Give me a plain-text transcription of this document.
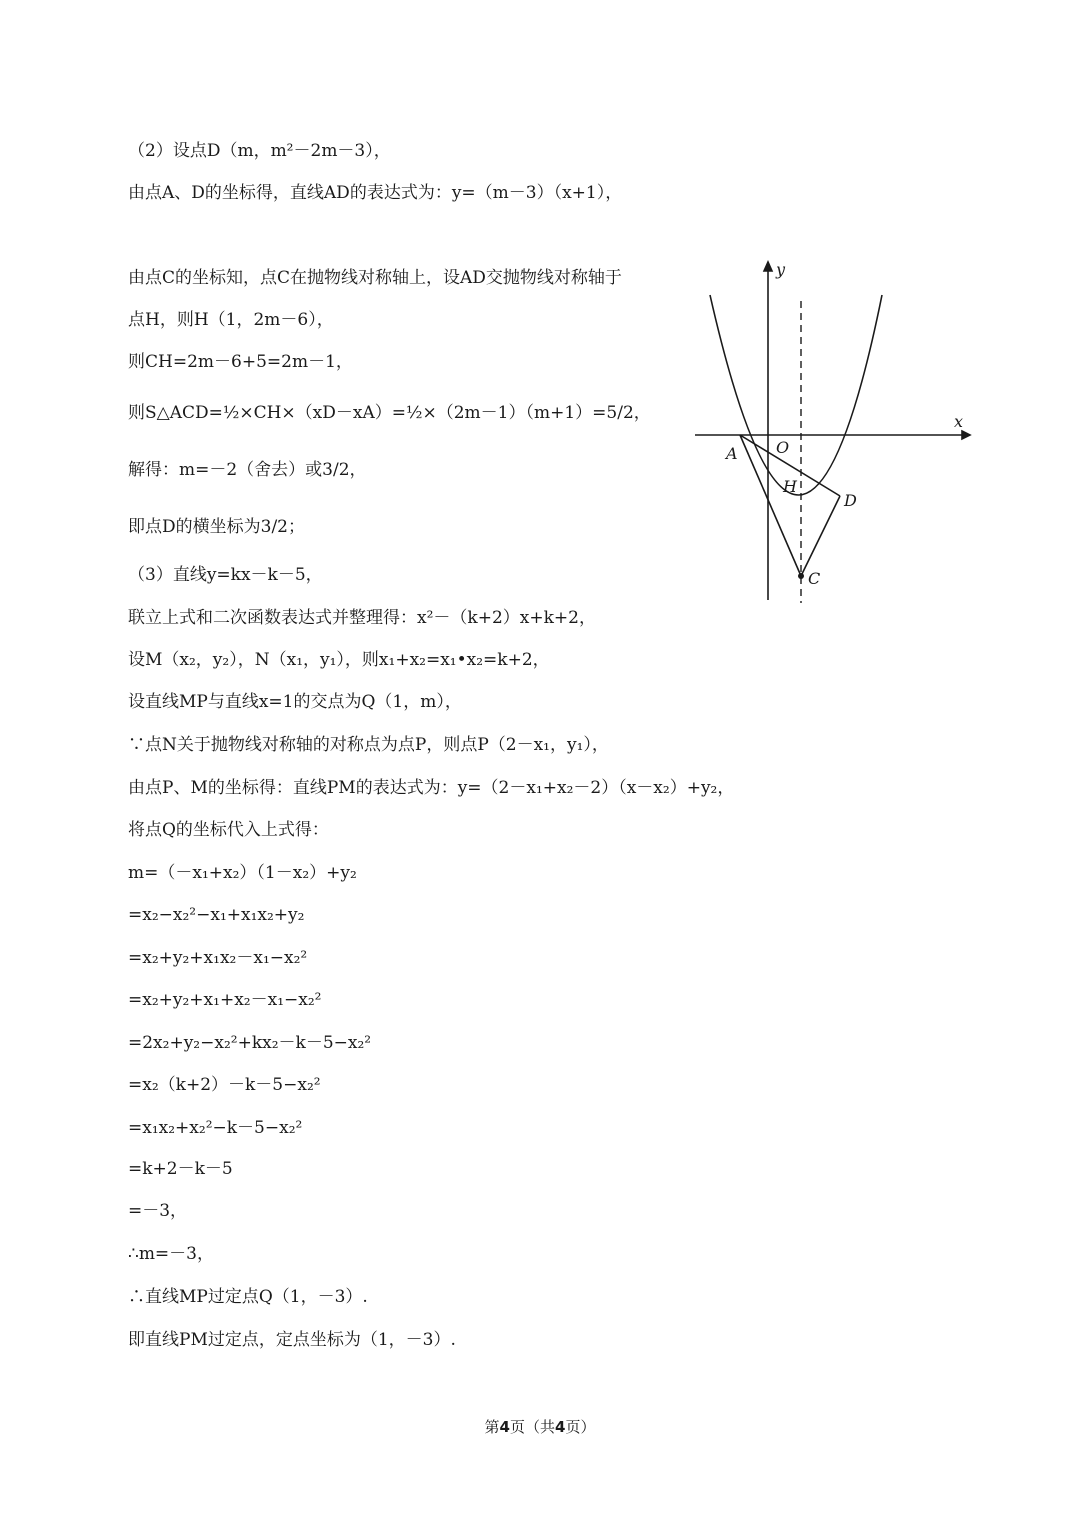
（2）设点D（m，m²－2m－3），
由点A、D的坐标得，直线AD的表达式为：y=（m－3）（x+1），
由点C的坐标知，点C在抛物线对称轴上，设AD交抛物线对称轴于
点H，则H（1，2m－6），
则CH=2m－6+5=2m－1，
则S△ACD=½×CH×（xD－xA）=½×（2m－1）（m+1）=5/2，
解得：m=－2（舍去）或3/2，
即点D的横坐标为3/2；
（3）直线y=kx－k－5，
联立上式和二次函数表达式并整理得：x²－（k+2）x+k+2，
设M（x₂，y₂），N（x₁，y₁），则x₁+x₂=x₁•x₂=k+2，
设直线MP与直线x=1的交点为Q（1，m），
∵点N关于抛物线对称轴的对称点为点P，则点P（2－x₁，y₁），
由点P、M的坐标得：直线PM的表达式为：y=（2－x₁+x₂－2）（x－x₂）+y₂，
将点Q的坐标代入上式得：
m=（－x₁+x₂）（1－x₂）+y₂
=x₂−x₂²−x₁+x₁x₂+y₂
=x₂+y₂+x₁x₂－x₁−x₂²
=x₂+y₂+x₁+x₂－x₁−x₂²
=2x₂+y₂−x₂²+kx₂－k－5−x₂²
=x₂（k+2）－k－5−x₂²
=x₁x₂+x₂²−k－5−x₂²
=k+2－k－5
=－3，
∴m=－3，
∴直线MP过定点Q（1，－3）.
即直线PM过定点，定点坐标为（1，－3）.
y
x
O
A
H
D
C
第4页（共4页）
